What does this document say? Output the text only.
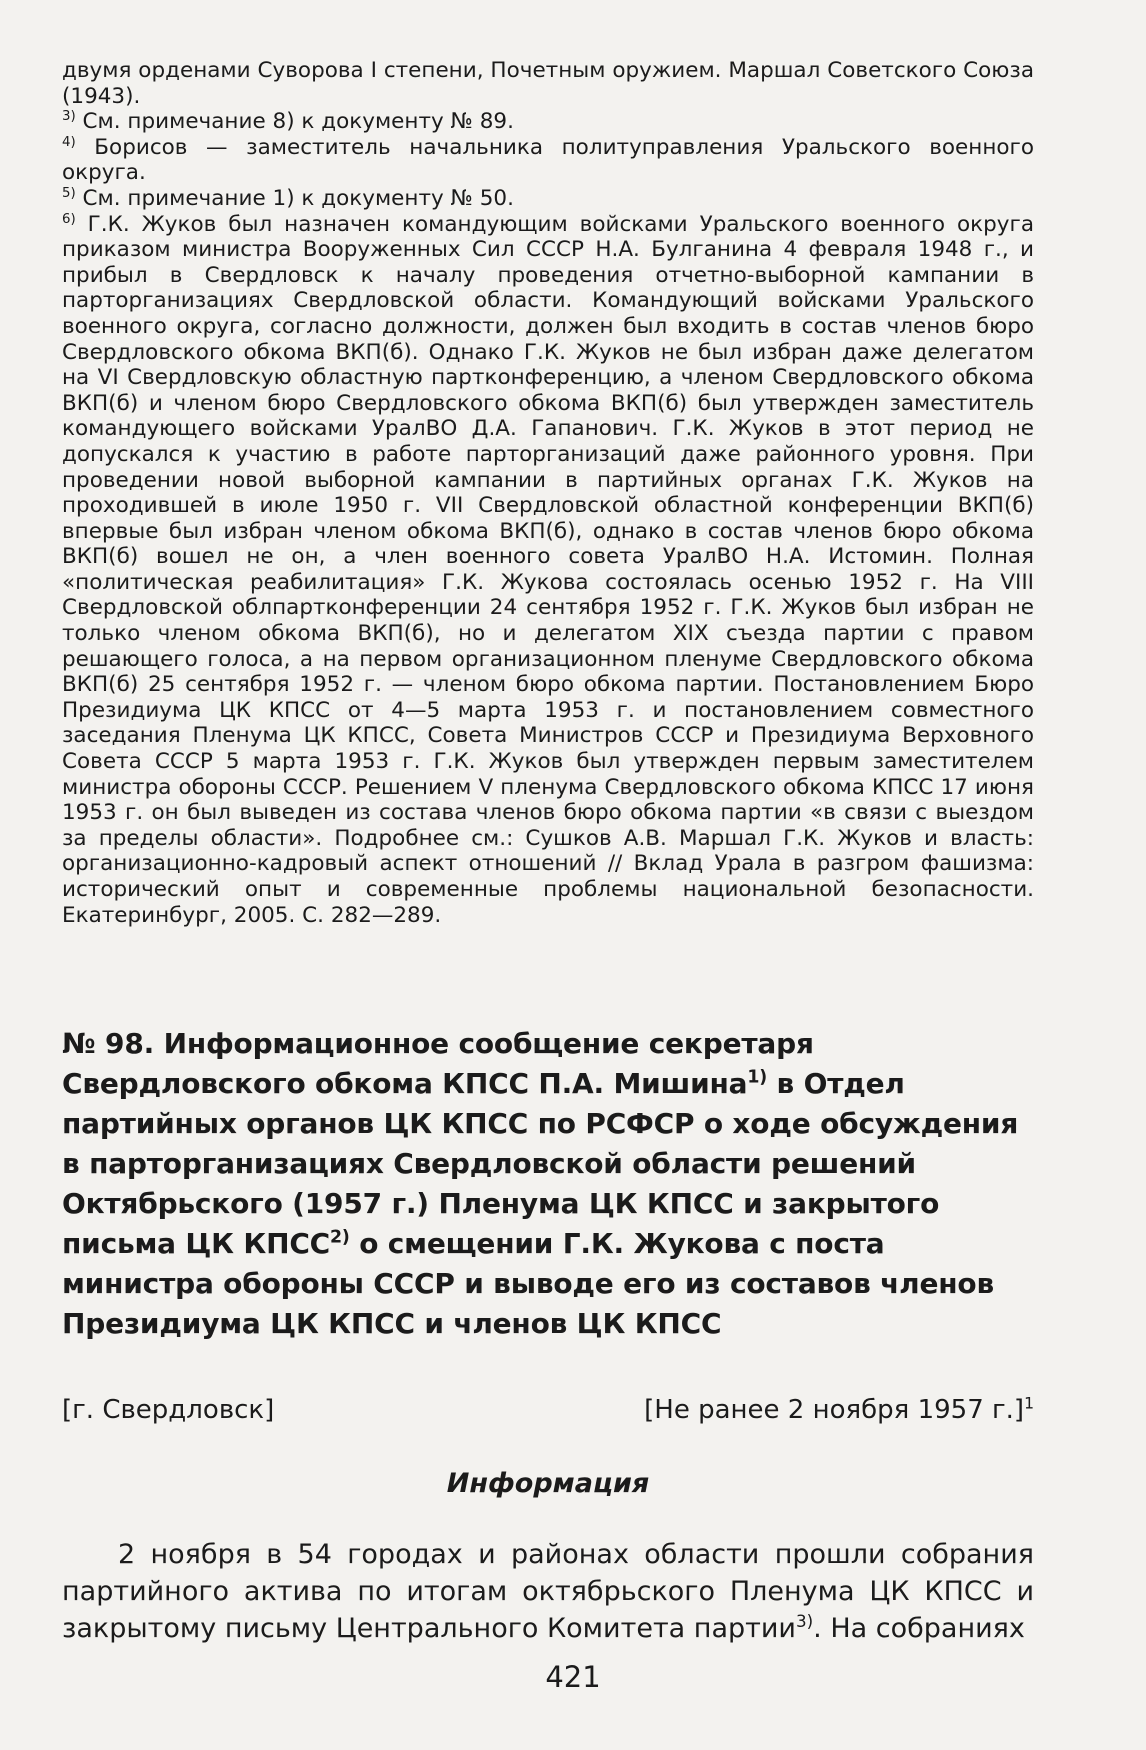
двумя орденами Суворова I степени, Почетным оружием. Маршал Советского Союза (1943).

$^{3)}$ См. примечание 8) к документу № 89.

$^{4)}$ Борисов — заместитель начальника политуправления Уральского военного округа.

$^{5)}$ См. примечание 1) к документу № 50.

$^{6)}$ Г.К. Жуков был назначен командующим войсками Уральского военного округа приказом министра Вооруженных Сил СССР Н.А. Булганина 4 февраля 1948 г., и прибыл в Свердловск к началу проведения отчетно-выборной кампании в парторганизациях Свердловской области. Командующий войсками Уральского военного округа, согласно должности, должен был входить в состав членов бюро Свердловского обкома ВКП(б). Однако Г.К. Жуков не был избран даже делегатом на VI Свердловскую областную партконференцию, а членом Свердловского обкома ВКП(б) и членом бюро Свердловского обкома ВКП(б) был утвержден заместитель командующего войсками УралВО Д.А. Гапанович. Г.К. Жуков в этот период не допускался к участию в работе парторганизаций даже районного уровня. При проведении новой выборной кампании в партийных органах Г.К. Жуков на проходившей в июле 1950 г. VII Свердловской областной конференции ВКП(б) впервые был избран членом обкома ВКП(б), однако в состав членов бюро обкома ВКП(б) вошел не он, а член военного совета УралВО Н.А. Истомин. Полная «политическая реабилитация» Г.К. Жукова состоялась осенью 1952 г. На VIII Свердловской облпартконференции 24 сентября 1952 г. Г.К. Жуков был избран не только членом обкома ВКП(б), но и делегатом XIX съезда партии с правом решающего голоса, а на первом организационном пленуме Свердловского обкома ВКП(б) 25 сентября 1952 г. — членом бюро обкома партии. Постановлением Бюро Президиума ЦК КПСС от 4—5 марта 1953 г. и постановлением совместного заседания Пленума ЦК КПСС, Совета Министров СССР и Президиума Верховного Совета СССР 5 марта 1953 г. Г.К. Жуков был утвержден первым заместителем министра обороны СССР. Решением V пленума Свердловского обкома КПСС 17 июня 1953 г. он был выведен из состава членов бюро обкома партии «в связи с выездом за пределы области». Подробнее см.: Сушков А.В. Маршал Г.К. Жуков и власть: организационно-кадровый аспект отношений // Вклад Урала в разгром фашизма: исторический опыт и современные проблемы национальной безопасности. Екатеринбург, 2005. С. 282—289.

№ 98. Информационное сообщение секретаря Свердловского обкома КПСС П.А. Мишина$^{1)}$ в Отдел партийных органов ЦК КПСС по РСФСР о ходе обсуждения в парторганизациях Свердловской области решений Октябрьского (1957 г.) Пленума ЦК КПСС и закрытого письма ЦК КПСС$^{2)}$ о смещении Г.К. Жукова с поста министра обороны СССР и выводе его из составов членов Президиума ЦК КПСС и членов ЦК КПСС
[г. Свердловск]	[Не ранее 2 ноября 1957 г.]$^1$
Информация
2 ноября в 54 городах и районах области прошли собрания партийного актива по итогам октябрьского Пленума ЦК КПСС и закрытому письму Центрального Комитета партии$^{3)}$. На собраниях
421
